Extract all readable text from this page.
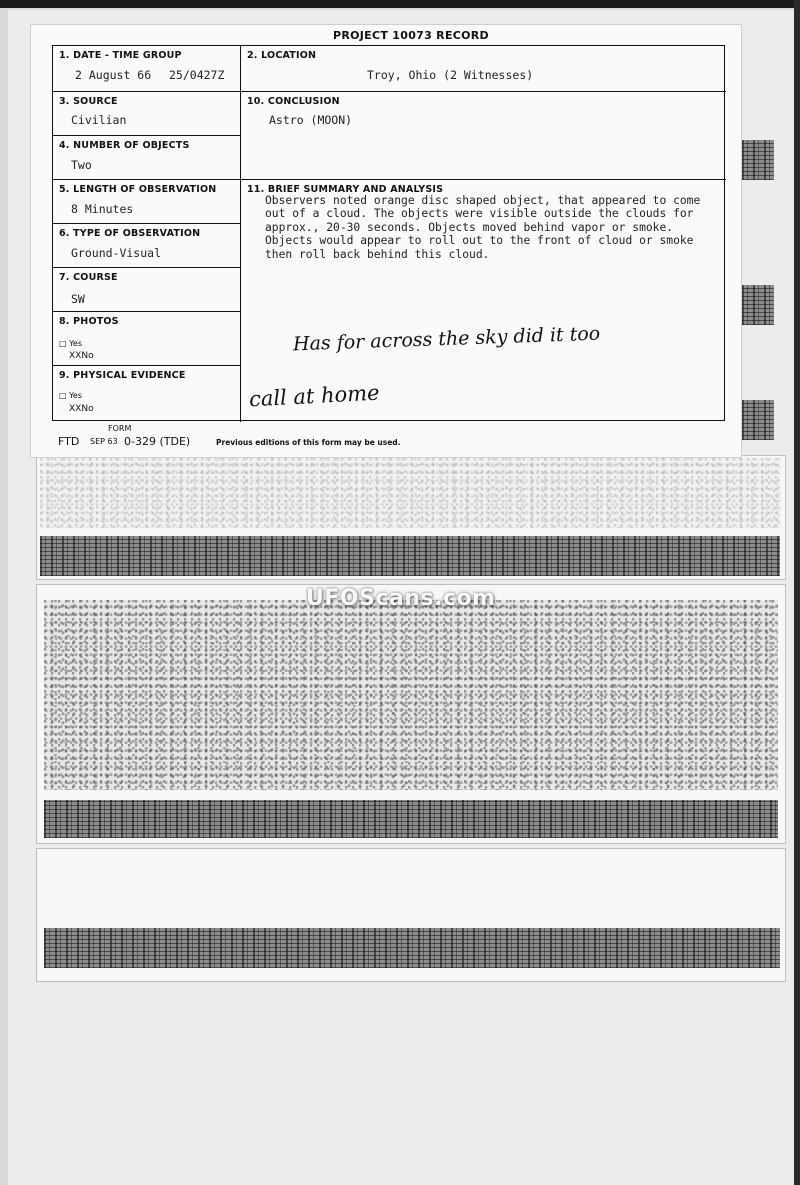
PROJECT 10073 RECORD
1. DATE - TIME GROUP
2 August 66 25/0427Z
2. LOCATION
Troy, Ohio (2 Witnesses)
3. SOURCE
Civilian
10. CONCLUSION
Astro (MOON)
4. NUMBER OF OBJECTS
Two
5. LENGTH OF OBSERVATION
8 Minutes
11. BRIEF SUMMARY AND ANALYSIS
Observers noted orange disc shaped object, that appeared to come
out of a cloud. The objects were visible outside the clouds for
approx., 20-30 seconds. Objects moved behind vapor or smoke.
Objects would appear to roll out to the front of cloud or smoke
then roll back behind this cloud.
Has for across the sky did it too
call at home
6. TYPE OF OBSERVATION
Ground-Visual
7. COURSE
SW
8. PHOTOS
□ Yes
XXNo
9. PHYSICAL EVIDENCE
□ Yes
XXNo
FORM
FTD SEP 63 0-329 (TDE)	Previous editions of this form may be used.
UFOScans.com
